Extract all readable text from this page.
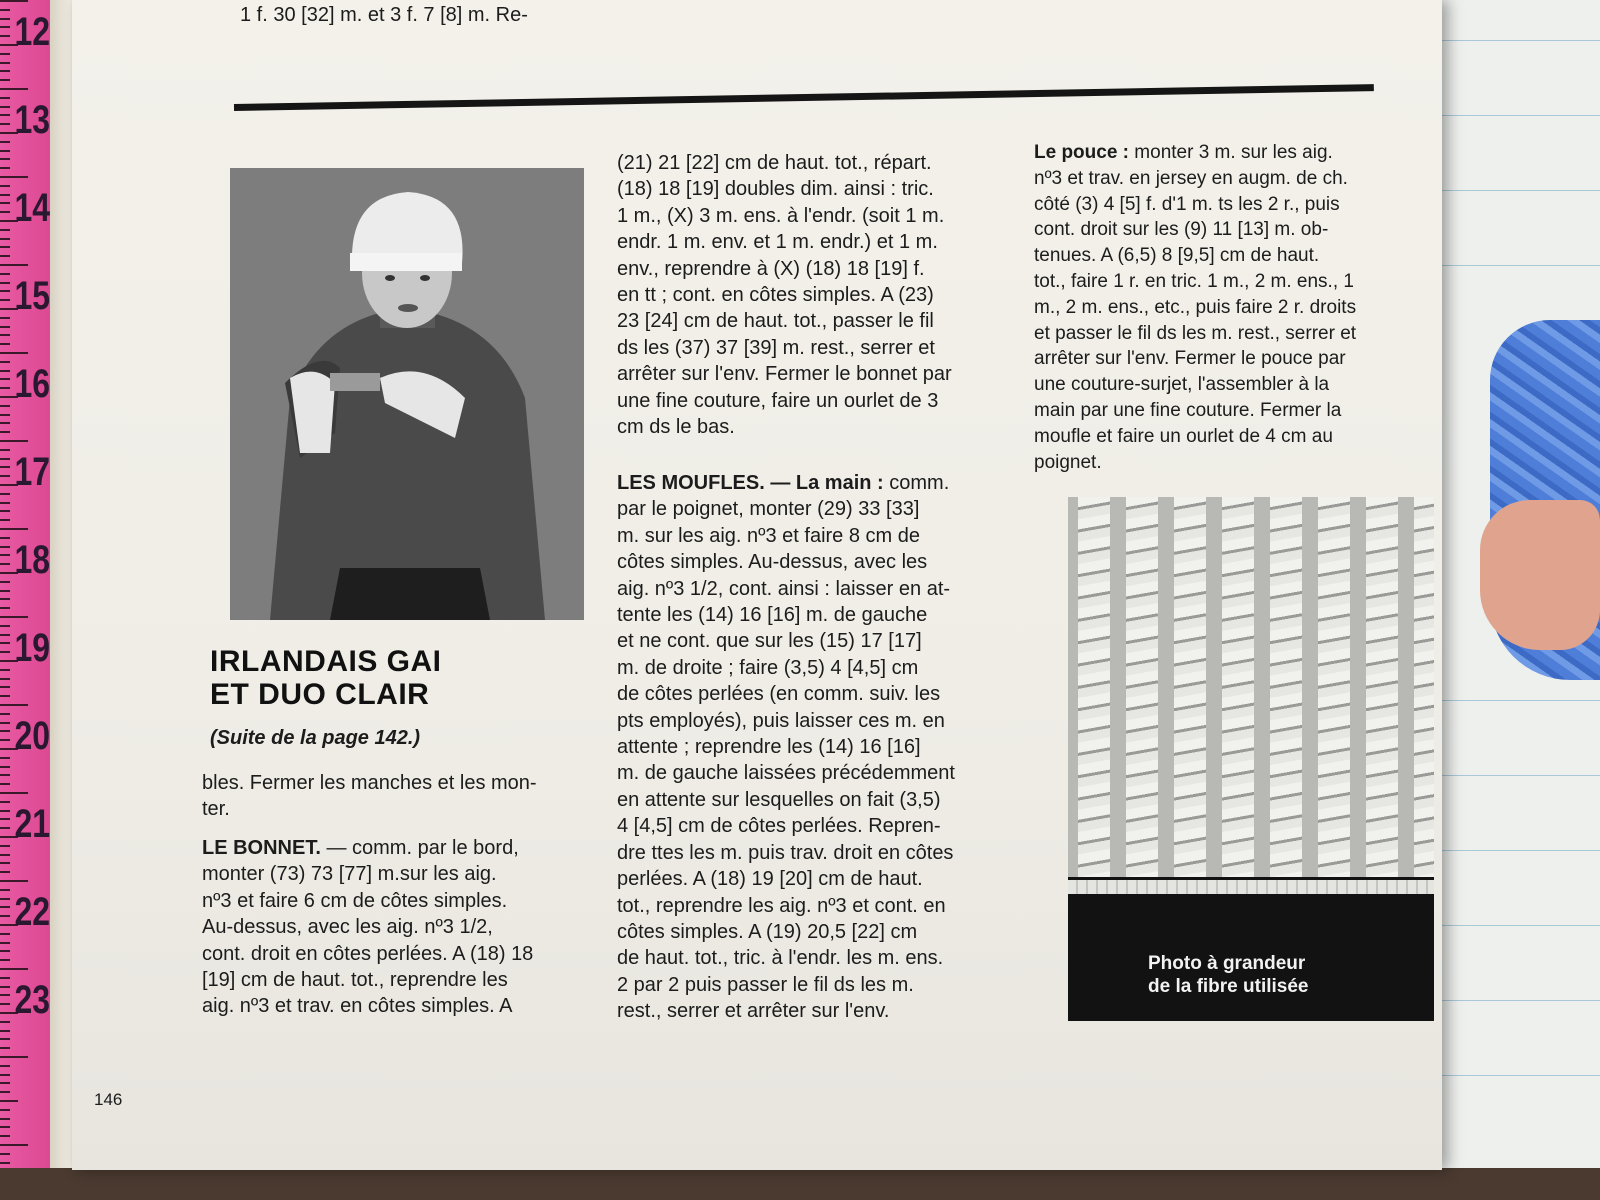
12
13
14
15
16
17
18
19
20
21
22
23
1 f. 30 [32] m. et 3 f. 7 [8] m. Re-
IRLANDAIS GAI
ET DUO CLAIR
(Suite de la page 142.)
bles. Fermer les manches et les mon-
ter.
LE BONNET. — comm. par le bord,
monter (73) 73 [77] m.sur les aig.
nº3 et faire 6 cm de côtes simples.
Au-dessus, avec les aig. nº3 1/2,
cont. droit en côtes perlées. A (18) 18
[19] cm de haut. tot., reprendre les
aig. nº3 et trav. en côtes simples. A
(21) 21 [22] cm de haut. tot., répart.
(18) 18 [19] doubles dim. ainsi : tric.
1 m., (X) 3 m. ens. à l'endr. (soit 1 m.
endr. 1 m. env. et 1 m. endr.) et 1 m.
env., reprendre à (X) (18) 18 [19] f.
en tt ; cont. en côtes simples. A (23)
23 [24] cm de haut. tot., passer le fil
ds les (37) 37 [39] m. rest., serrer et
arrêter sur l'env. Fermer le bonnet par
une fine couture, faire un ourlet de 3
cm ds le bas.
LES MOUFLES. — La main : comm.
par le poignet, monter (29) 33 [33]
m. sur les aig. nº3 et faire 8 cm de
côtes simples. Au-dessus, avec les
aig. nº3 1/2, cont. ainsi : laisser en at-
tente les (14) 16 [16] m. de gauche
et ne cont. que sur les (15) 17 [17]
m. de droite ; faire (3,5) 4 [4,5] cm
de côtes perlées (en comm. suiv. les
pts employés), puis laisser ces m. en
attente ; reprendre les (14) 16 [16]
m. de gauche laissées précédemment
en attente sur lesquelles on fait (3,5)
4 [4,5] cm de côtes perlées. Repren-
dre ttes les m. puis trav. droit en côtes
perlées. A (18) 19 [20] cm de haut.
tot., reprendre les aig. nº3 et cont. en
côtes simples. A (19) 20,5 [22] cm
de haut. tot., tric. à l'endr. les m. ens.
2 par 2 puis passer le fil ds les m.
rest., serrer et arrêter sur l'env.
Le pouce : monter 3 m. sur les aig.
nº3 et trav. en jersey en augm. de ch.
côté (3) 4 [5] f. d'1 m. ts les 2 r., puis
cont. droit sur les (9) 11 [13] m. ob-
tenues. A (6,5) 8 [9,5] cm de haut.
tot., faire 1 r. en tric. 1 m., 2 m. ens., 1
m., 2 m. ens., etc., puis faire 2 r. droits
et passer le fil ds les m. rest., serrer et
arrêter sur l'env. Fermer le pouce par
une couture-surjet, l'assembler à la
main par une fine couture. Fermer la
moufle et faire un ourlet de 4 cm au
poignet.
Photo à grandeur
de la fibre utilisée
146
